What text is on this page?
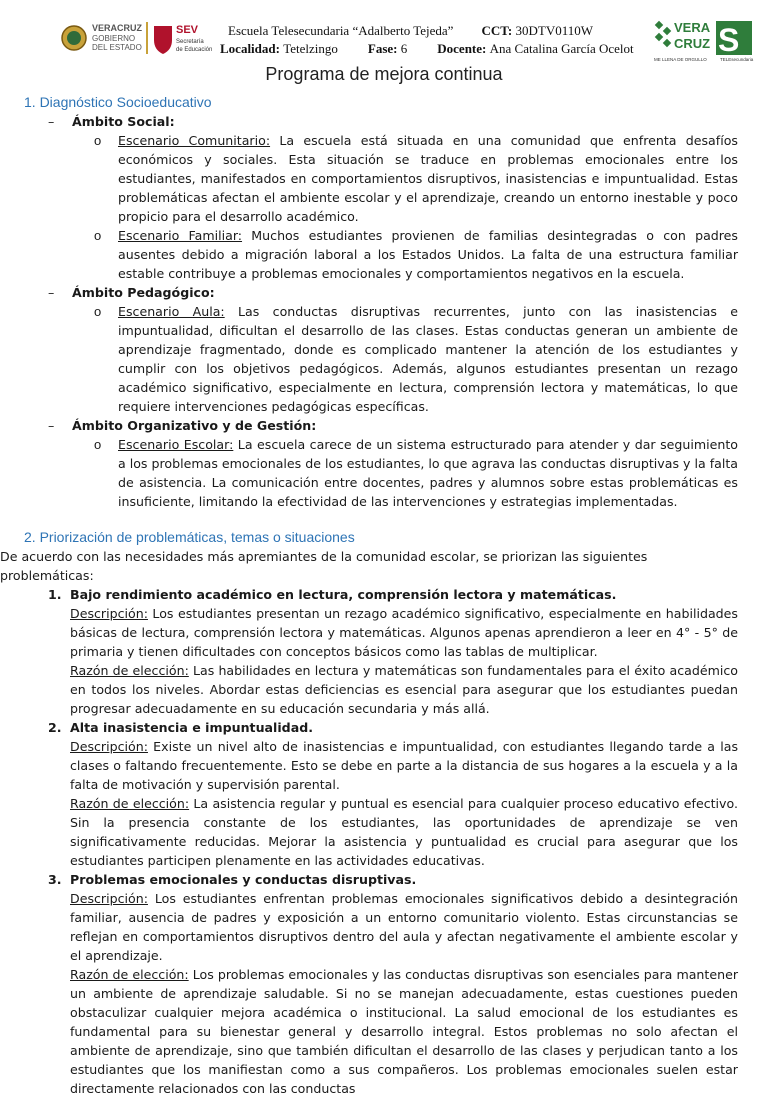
VERACRUZ
GOBIERNO
DEL ESTADO
SEV
Secretaría
de Educación
Escuela Telesecundaria
“Adalberto Tejeda” CCT:
30DTV0110W
Localidad:
Tetelzingo Fase:
6 Docente:
Ana Catalina García Ocelot
VERA
CRUZ S
ME LLENA DE ORGULLO	TELEsecundaria
Programa de mejora continua
1. Diagnóstico Socioeducativo
– Ámbito Social:
o Escenario Comunitario: La escuela está situada en una comunidad que enfrenta desafíos económicos y sociales. Esta situación se traduce en problemas emocionales entre los estudiantes, manifestados en comportamientos disruptivos, inasistencias e impuntualidad. Estas problemáticas afectan el ambiente escolar y el aprendizaje, creando un entorno inestable y poco propicio para el desarrollo académico.
o Escenario Familiar: Muchos estudiantes provienen de familias desintegradas o con padres ausentes debido a migración laboral a los Estados Unidos. La falta de una estructura familiar estable contribuye a problemas emocionales y comportamientos negativos en la escuela.
– Ámbito Pedagógico:
o Escenario Aula: Las conductas disruptivas recurrentes, junto con las inasistencias e impuntualidad, dificultan el desarrollo de las clases. Estas conductas generan un ambiente de aprendizaje fragmentado, donde es complicado mantener la atención de los estudiantes y cumplir con los objetivos pedagógicos. Además, algunos estudiantes presentan un rezago académico significativo, especialmente en lectura, comprensión lectora y matemáticas, lo que requiere intervenciones pedagógicas específicas.
– Ámbito Organizativo y de Gestión:
o Escenario Escolar: La escuela carece de un sistema estructurado para atender y dar seguimiento a los problemas emocionales de los estudiantes, lo que agrava las conductas disruptivas y la falta de asistencia. La comunicación entre docentes, padres y alumnos sobre estas problemáticas es insuficiente, limitando la efectividad de las intervenciones y estrategias implementadas.
2. Priorización de problemáticas, temas o situaciones
De acuerdo con las necesidades más apremiantes de la comunidad escolar, se priorizan las siguientes problemáticas:
1. Bajo rendimiento académico en lectura, comprensión lectora y matemáticas.

Descripción: Los estudiantes presentan un rezago académico significativo, especialmente en habilidades básicas de lectura, comprensión lectora y matemáticas. Algunos apenas aprendieron a leer en 4° - 5° de primaria y tienen dificultades con conceptos básicos como las tablas de multiplicar.

Razón de elección: Las habilidades en lectura y matemáticas son fundamentales para el éxito académico en todos los niveles. Abordar estas deficiencias es esencial para asegurar que los estudiantes puedan progresar adecuadamente en su educación secundaria y más allá.

2. Alta inasistencia e impuntualidad.

Descripción: Existe un nivel alto de inasistencias e impuntualidad, con estudiantes llegando tarde a las clases o faltando frecuentemente. Esto se debe en parte a la distancia de sus hogares a la escuela y a la falta de motivación y supervisión parental.

Razón de elección: La asistencia regular y puntual es esencial para cualquier proceso educativo efectivo. Sin la presencia constante de los estudiantes, las oportunidades de aprendizaje se ven significativamente reducidas. Mejorar la asistencia y puntualidad es crucial para asegurar que los estudiantes participen plenamente en las actividades educativas.

3. Problemas emocionales y conductas disruptivas.

Descripción: Los estudiantes enfrentan problemas emocionales significativos debido a desintegración familiar, ausencia de padres y exposición a un entorno comunitario violento. Estas circunstancias se reflejan en comportamientos disruptivos dentro del aula y afectan negativamente el ambiente escolar y el aprendizaje.

Razón de elección: Los problemas emocionales y las conductas disruptivas son esenciales para mantener un ambiente de aprendizaje saludable. Si no se manejan adecuadamente, estas cuestiones pueden obstaculizar cualquier mejora académica o institucional. La salud emocional de los estudiantes es fundamental para su bienestar general y desarrollo integral. Estos problemas no solo afectan el ambiente de aprendizaje, sino que también dificultan el desarrollo de las clases y perjudican tanto a los estudiantes que los manifiestan como a sus compañeros. Los problemas emocionales suelen estar directamente relacionados con las conductas
